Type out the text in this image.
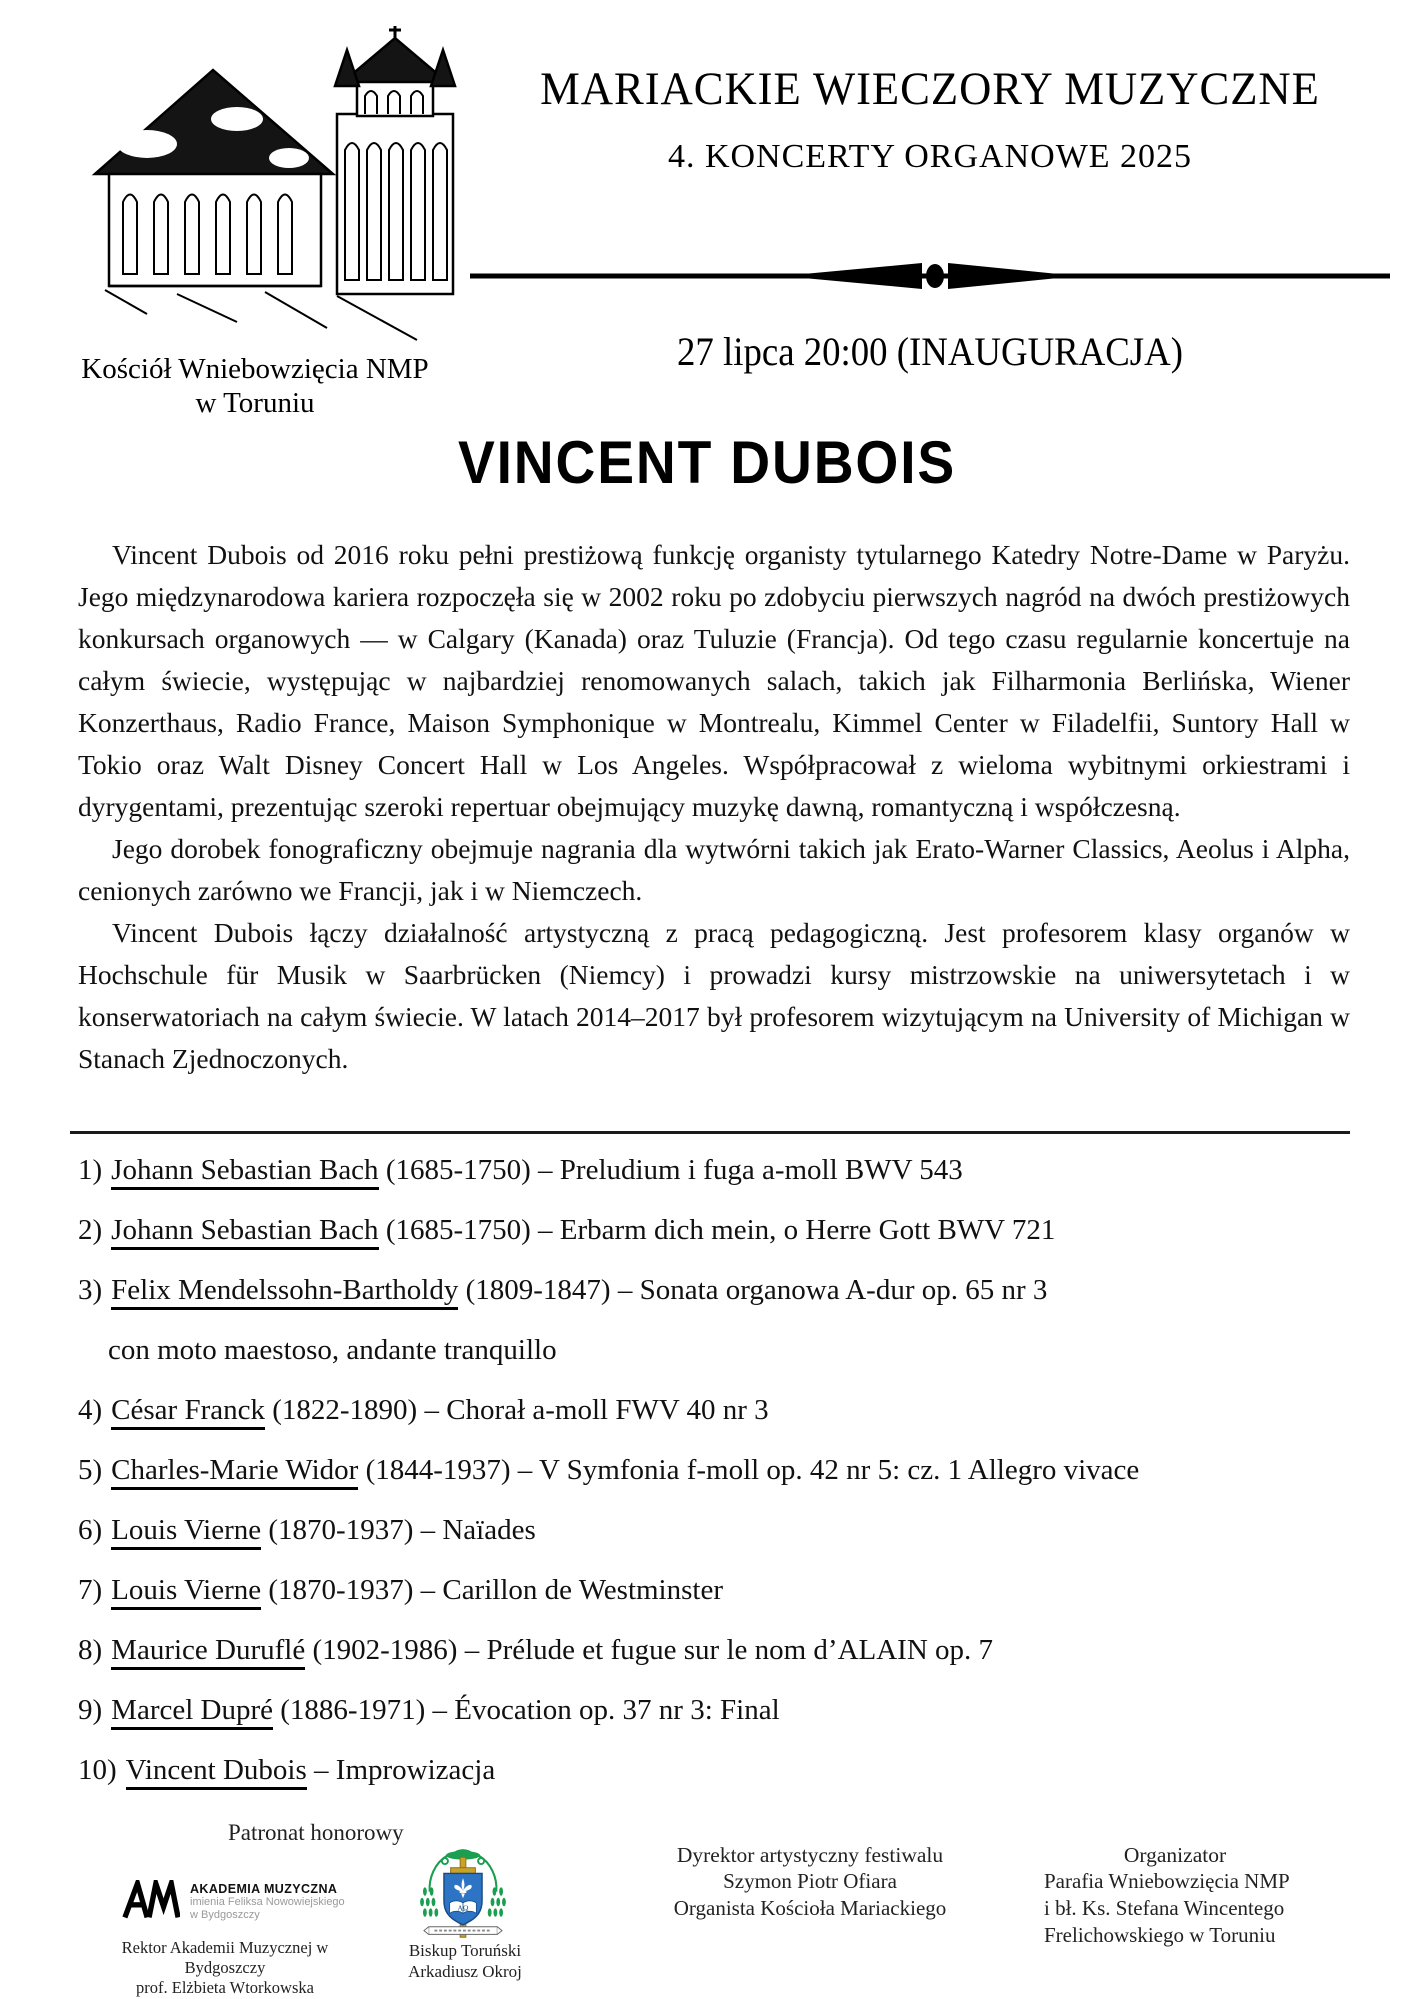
Kościół Wniebowzięcia NMP
w Toruniu
MARIACKIE WIECZORY MUZYCZNE
4. KONCERTY ORGANOWE 2025
27 lipca 20:00 (INAUGURACJA)
VINCENT DUBOIS

Vincent Dubois od 2016 roku pełni prestiżową funkcję organisty tytularnego Katedry Notre-Dame w Paryżu. Jego międzynarodowa kariera rozpoczęła się w 2002 roku po zdobyciu pierwszych nagród na dwóch prestiżowych konkursach organowych — w Calgary (Kanada) oraz Tuluzie (Francja). Od tego czasu regularnie koncertuje na całym świecie, występując w najbardziej renomowanych salach, takich jak Filharmonia Berlińska, Wiener Konzerthaus, Radio France, Maison Symphonique w Montrealu, Kimmel Center w Filadelfii, Suntory Hall w Tokio oraz Walt Disney Concert Hall w Los Angeles. Współpracował z wieloma wybitnymi orkiestrami i dyrygentami, prezentując szeroki repertuar obejmujący muzykę dawną, romantyczną i współczesną.

Jego dorobek fonograficzny obejmuje nagrania dla wytwórni takich jak Erato-Warner Classics, Aeolus i Alpha, cenionych zarówno we Francji, jak i w Niemczech.

Vincent Dubois łączy działalność artystyczną z pracą pedagogiczną. Jest profesorem klasy organów w Hochschule für Musik w Saarbrücken (Niemcy) i prowadzi kursy mistrzowskie na uniwersytetach i w konserwatoriach na całym świecie. W latach 2014–2017 był profesorem wizytującym na University of Michigan w Stanach Zjednoczonych.

1) Johann Sebastian Bach (1685-1750) – Preludium i fuga a-moll BWV 543
2) Johann Sebastian Bach (1685-1750) – Erbarm dich mein, o Herre Gott BWV 721
3) Felix Mendelssohn-Bartholdy (1809-1847) – Sonata organowa A-dur op. 65 nr 3
con moto maestoso, andante tranquillo
4) César Franck (1822-1890) – Chorał a-moll FWV 40 nr 3
5) Charles-Marie Widor (1844-1937) – V Symfonia f-moll op. 42 nr 5: cz. 1 Allegro vivace
6) Louis Vierne (1870-1937) – Naïades
7) Louis Vierne (1870-1937) – Carillon de Westminster
8) Maurice Duruflé (1902-1986) – Prélude et fugue sur le nom d’ALAIN op. 7
9) Marcel Dupré (1886-1971) – Évocation op. 37 nr 3: Final
10) Vincent Dubois – Improwizacja
Patronat honorowy
AKADEMIA MUZYCZNA
imienia Feliksa Nowowiejskiego
w Bydgoszczy
Rektor Akademii Muzycznej w Bydgoszczy
prof. Elżbieta Wtorkowska
ΑΩ
Biskup Toruński
Arkadiusz Okroj
Dyrektor artystyczny festiwalu
Szymon Piotr Ofiara
Organista Kościoła Mariackiego
Organizator
Parafia Wniebowzięcia NMP
i bł. Ks. Stefana Wincentego
Frelichowskiego w Toruniu
